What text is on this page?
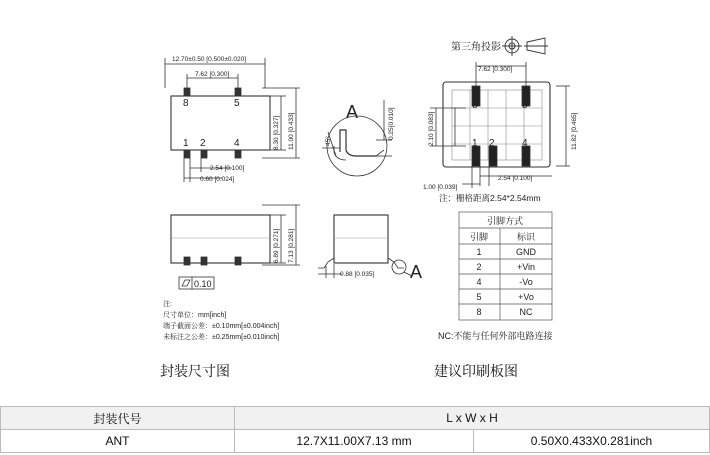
12.70±0.50 [0.500±0.020]
7.62 [0.300]
8	5
1 2	4	8.30 [0.327] 11.00 [0.433]
2.54 [0.100]
0.60 [0.024]
A	0.25[0.010]
45°
6.89 [0.271] 7.13 [0.281]
0.10
0.88 [0.035] A
注:
尺寸单位：mm[inch]
端子截面公差：±0.10mm[±0.004inch]
未标注之公差：±0.25mm[±0.010inch]
第三角投影
7.62 [0.300]
8	5
1 2	4
2.10 [0.083]	11.82 [0.465]
2.54 [0.100]
1.00 [0.039]
注：栅格距离2.54*2.54mm
引脚方式
引脚	标识
1	GND
2	+Vin
4	-Vo
5	+Vo
8	NC
NC:不能与任何外部电路连接
封装尺寸图	建议印刷板图
封装代号	L x W x H	
ANT	12.7X11.00X7.13 mm	0.50X0.433X0.281inch
